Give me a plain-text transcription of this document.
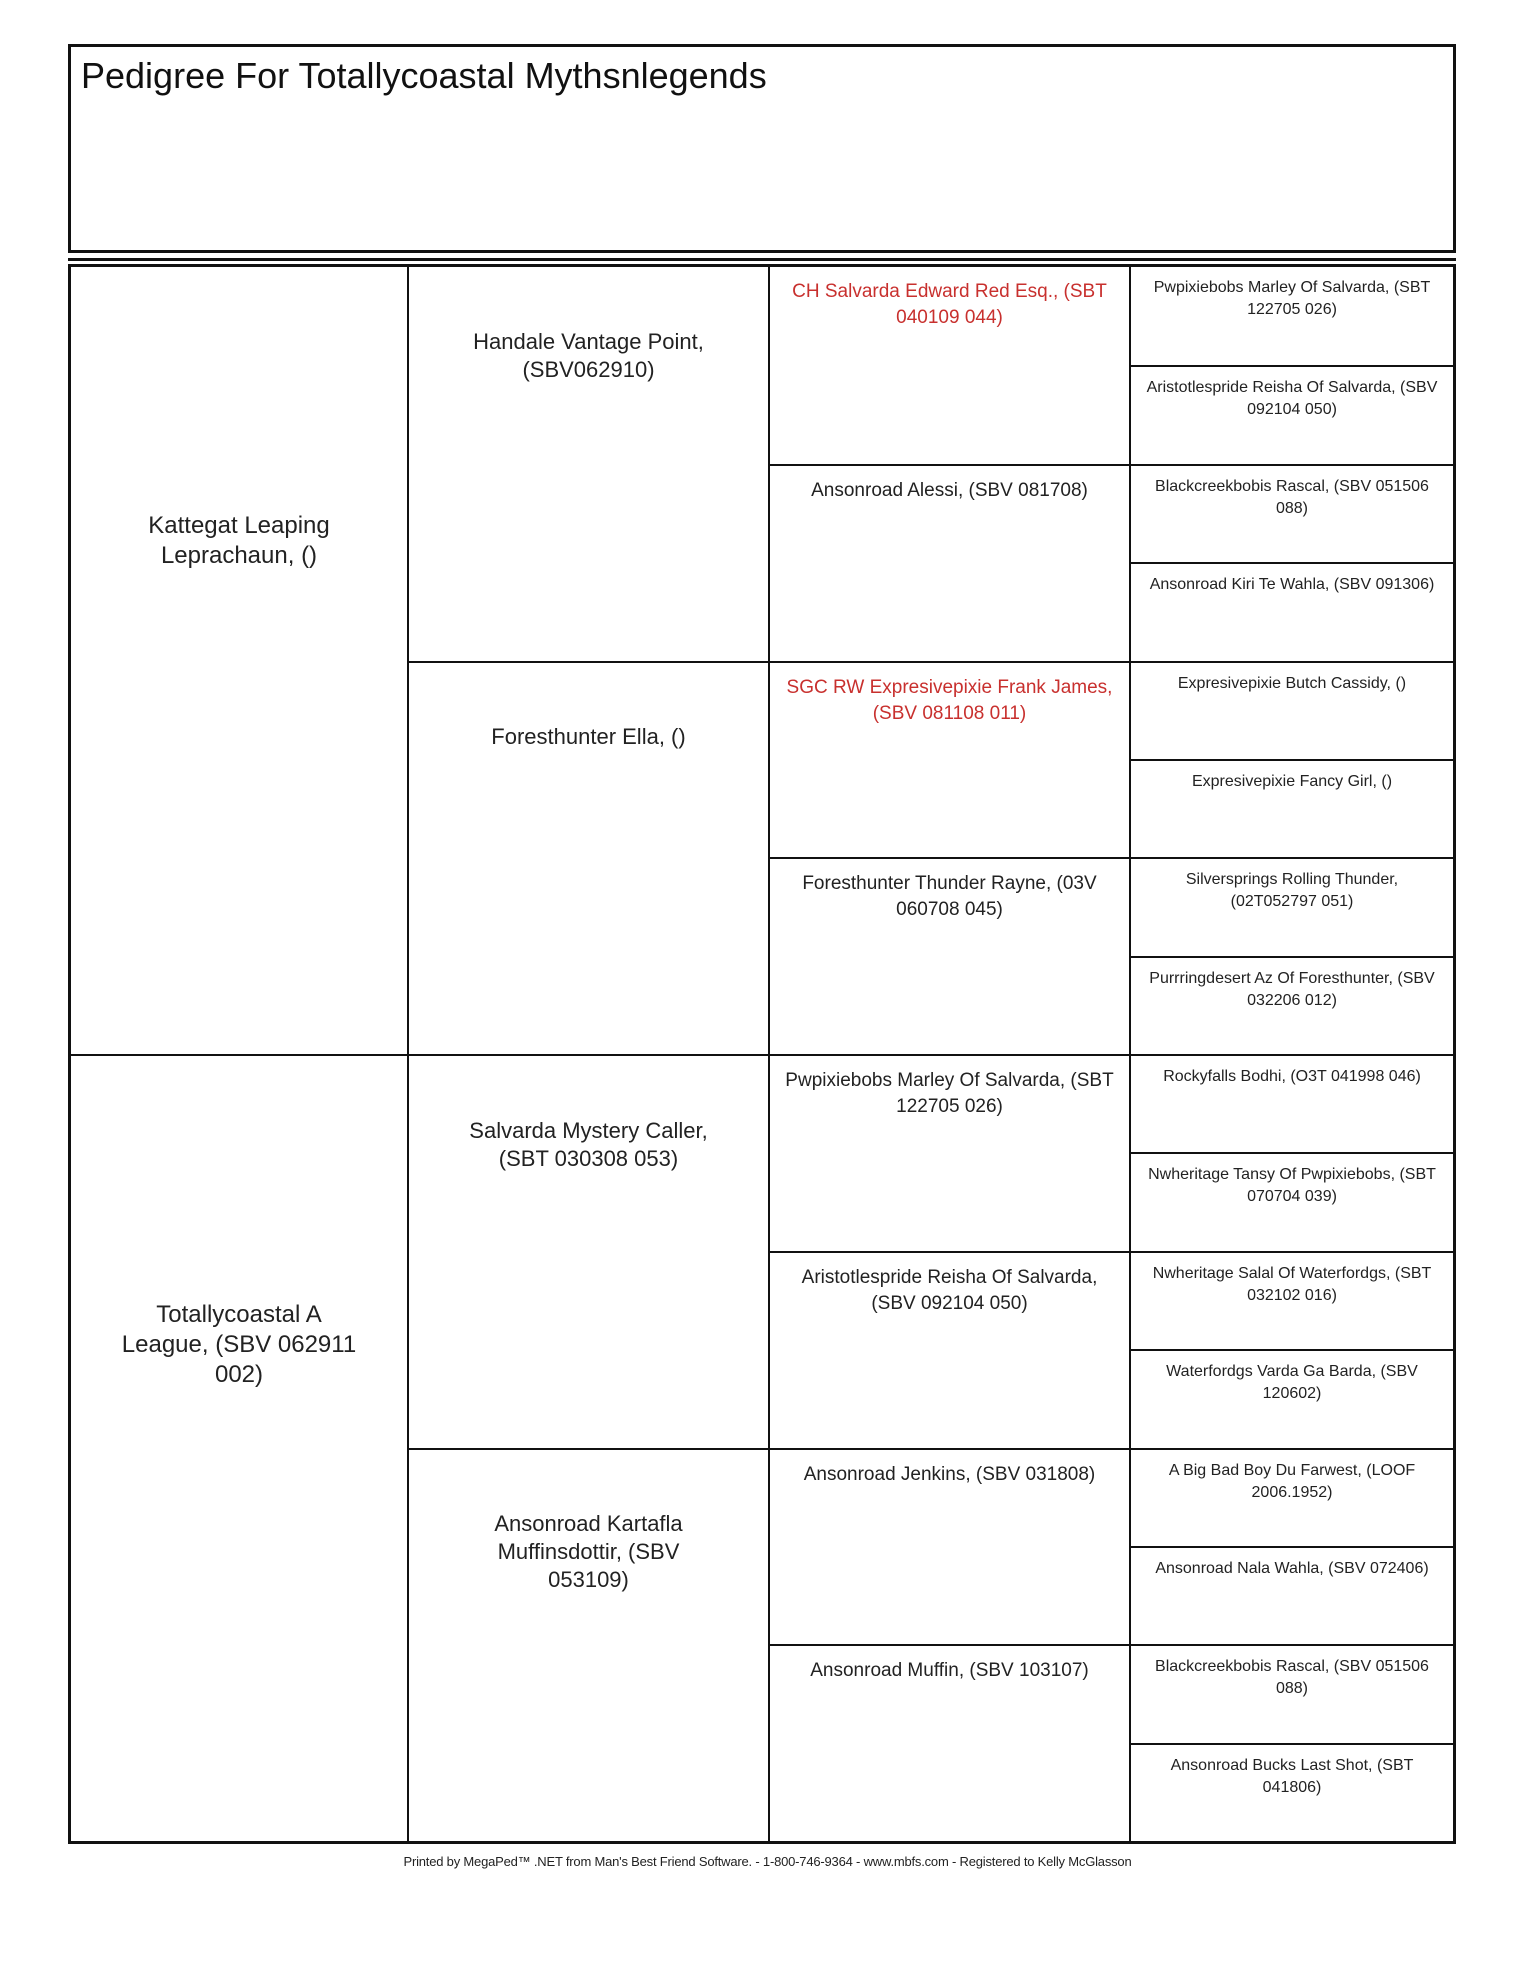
Pedigree For Totallycoastal Mythsnlegends
Kattegat Leaping Leprachaun, ()
Totallycoastal A League, (SBV 062911 002)
Handale Vantage Point, (SBV062910)
Foresthunter Ella, ()
Salvarda Mystery Caller, (SBT 030308 053)
Ansonroad Kartafla Muffinsdottir, (SBV 053109)
CH Salvarda Edward Red Esq., (SBT 040109 044)
Ansonroad Alessi, (SBV 081708)
SGC RW Expresivepixie Frank James, (SBV 081108 011)
Foresthunter Thunder Rayne, (03V 060708 045)
Pwpixiebobs Marley Of Salvarda, (SBT 122705 026)
Aristotlespride Reisha Of Salvarda, (SBV 092104 050)
Ansonroad Jenkins, (SBV 031808)
Ansonroad Muffin, (SBV 103107)
Pwpixiebobs Marley Of Salvarda, (SBT 122705 026)
Aristotlespride Reisha Of Salvarda, (SBV 092104 050)
Blackcreekbobis Rascal, (SBV 051506 088)
Ansonroad Kiri Te Wahla, (SBV 091306)
Expresivepixie Butch Cassidy, ()
Expresivepixie Fancy Girl, ()
Silversprings Rolling Thunder, (02T052797 051)
Purrringdesert Az Of Foresthunter, (SBV 032206 012)
Rockyfalls Bodhi, (O3T 041998 046)
Nwheritage Tansy Of Pwpixiebobs, (SBT 070704 039)
Nwheritage Salal Of Waterfordgs, (SBT 032102 016)
Waterfordgs Varda Ga Barda, (SBV 120602)
A Big Bad Boy Du Farwest, (LOOF 2006.1952)
Ansonroad Nala Wahla, (SBV 072406)
Blackcreekbobis Rascal, (SBV 051506 088)
Ansonroad Bucks Last Shot, (SBT 041806)
Printed by MegaPed™ .NET from Man's Best Friend Software. - 1-800-746-9364 - www.mbfs.com - Registered to Kelly McGlasson
